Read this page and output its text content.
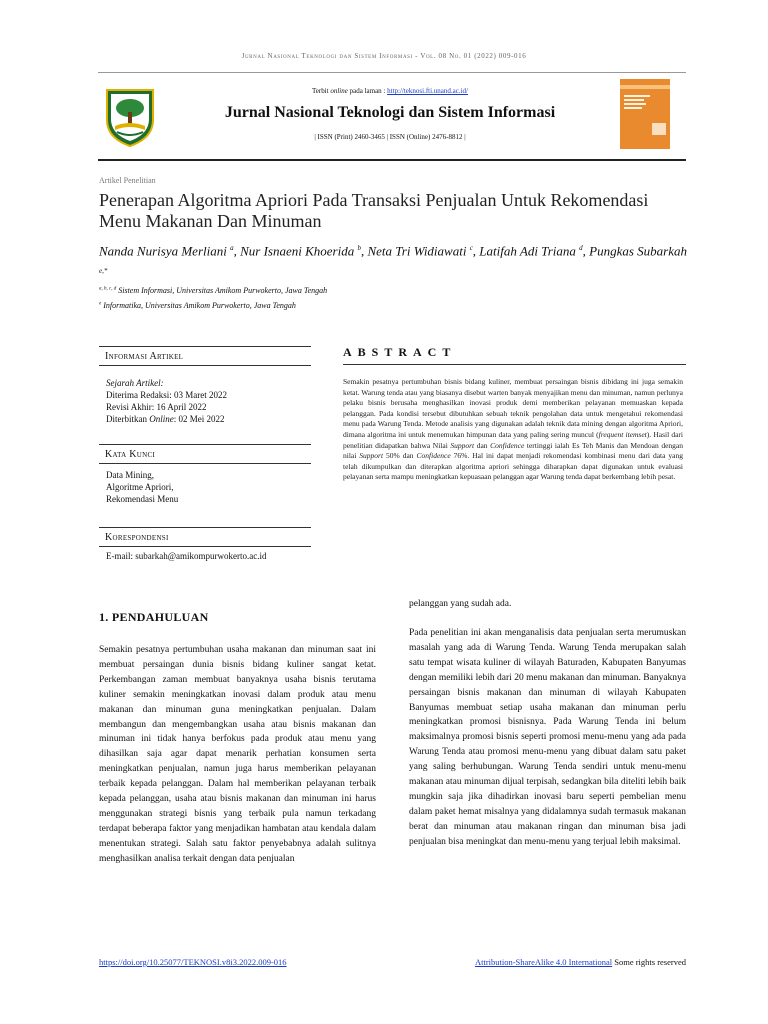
Jurnal Nasional Teknologi dan Sistem Informasi - Vol. 08 No. 01 (2022) 009-016
Terbit online pada laman : http://teknosi.fti.unand.ac.id/
Jurnal Nasional Teknologi dan Sistem Informasi
| ISSN (Print) 2460-3465 | ISSN (Online) 2476-8812 |
Artikel Penelitian
Penerapan Algoritma Apriori Pada Transaksi Penjualan Untuk Rekomendasi Menu Makanan Dan Minuman
Nanda Nurisya Merliani $^a$, Nur Isnaeni Khoerida $^b$, Neta Tri Widiawati $^c$, Latifah Adi Triana $^d$, Pungkas Subarkah $^{e,*}$
$^{a, b, c, d}$ Sistem Informasi, Universitas Amikom Purwokerto, Jawa Tengah
$^e$ Informatika, Universitas Amikom Purwokerto, Jawa Tengah
Informasi Artikel
Sejarah Artikel:
Diterima Redaksi: 03 Maret 2022
Revisi Akhir: 16 April 2022
Diterbitkan Online: 02 Mei 2022
Kata Kunci
Data Mining,
Algoritme Apriori,
Rekomendasi Menu
Korespondensi
E-mail: subarkah@amikompurwokerto.ac.id
ABSTRACT
Semakin pesatnya pertumbuhan bisnis bidang kuliner, membuat persaingan bisnis dibidang ini juga semakin ketat. Warung tenda atau yang biasanya disebut warten banyak menyajikan menu dan minuman, namun perlunya pelaku bisnis berusaha menghasilkan inovasi produk demi memberikan pelayanan memuaskan kepada pelanggan. Pada kondisi tersebut dibutuhkan sebuah teknik pengolahan data untuk mengetahui rekomendasi menu pada Warung Tenda. Metode analisis yang digunakan adalah teknik data mining dengan algoritma Apriori, dimana algoritma ini untuk menemukan himpunan data yang paling sering muncul (frequent itemset). Hasil dari penelitian didapatkan bahwa Nilai Support dan Confidence tertinggi ialah Es Teh Manis dan Mendoan dengan nilai Support 50% dan Confidence 76%. Hal ini dapat menjadi rekomendasi kombinasi menu dari data yang telah dikumpulkan dan diterapkan algoritma apriori sehingga diharapkan dapat digunakan untuk evaluasi pelayanan serta mampu meningkatkan kepuasaan pelanggan agar Warung tenda dapat berkembang lebih pesat.
1. PENDAHULUAN
Semakin pesatnya pertumbuhan usaha makanan dan minuman saat ini membuat persaingan dunia bisnis bidang kuliner sangat ketat. Perkembangan zaman membuat banyaknya usaha bisnis terutama kuliner semakin meningkatkan inovasi dalam produk atau menu makanan dan minuman guna meningkatkan penjualan. Dalam membangun dan mengembangkan usaha atau bisnis makanan dan minuman ini tidak hanya berfokus pada produk atau menu yang dihasilkan saja agar dapat menarik perhatian konsumen serta meningkatkan penjualan, namun juga harus memberikan pelayanan terbaik kepada pelanggan. Dalam hal memberikan pelayanan terbaik kepada pelanggan, usaha atau bisnis makanan dan minuman ini harus menggunakan strategi bisnis yang terbaik pula namun terkadang terdapat beberapa faktor yang menjadikan hambatan atau kendala dalam menentukan strategi. Salah satu faktor penyebabnya adalah sulitnya menghasilkan analisa terkait dengan data penjualan
pelanggan yang sudah ada.
Pada penelitian ini akan menganalisis data penjualan serta merumuskan masalah yang ada di Warung Tenda. Warung Tenda merupakan salah satu tempat wisata kuliner di wilayah Baturaden, Kabupaten Banyumas dengan memiliki lebih dari 20 menu makanan dan minuman. Banyaknya persaingan bisnis makanan dan minuman di wilayah Kabupaten Banyumas membuat setiap usaha makanan dan minuman perlu meningkatkan promosi bisnisnya. Pada Warung Tenda ini belum maksimalnya promosi bisnis seperti promosi menu-menu yang ada pada Warung Tenda atau promosi menu-menu yang dibuat dalam satu paket yang saling berhubungan. Warung Tenda sendiri untuk menu-menu makanan atau minuman dijual terpisah, sedangkan bila diteliti lebih baik mungkin saja jika dihadirkan inovasi baru seperti pembelian menu dalam paket hemat misalnya yang didalamnya sudah termasuk makanan berat dan minuman atau makanan ringan dan minuman bisa jadi penjualan bisa meningkat dan menu-menu yang terjual lebih maksimal.
https://doi.org/10.25077/TEKNOSI.v8i3.2022.009-016	Attribution-ShareAlike 4.0 International Some rights reserved
